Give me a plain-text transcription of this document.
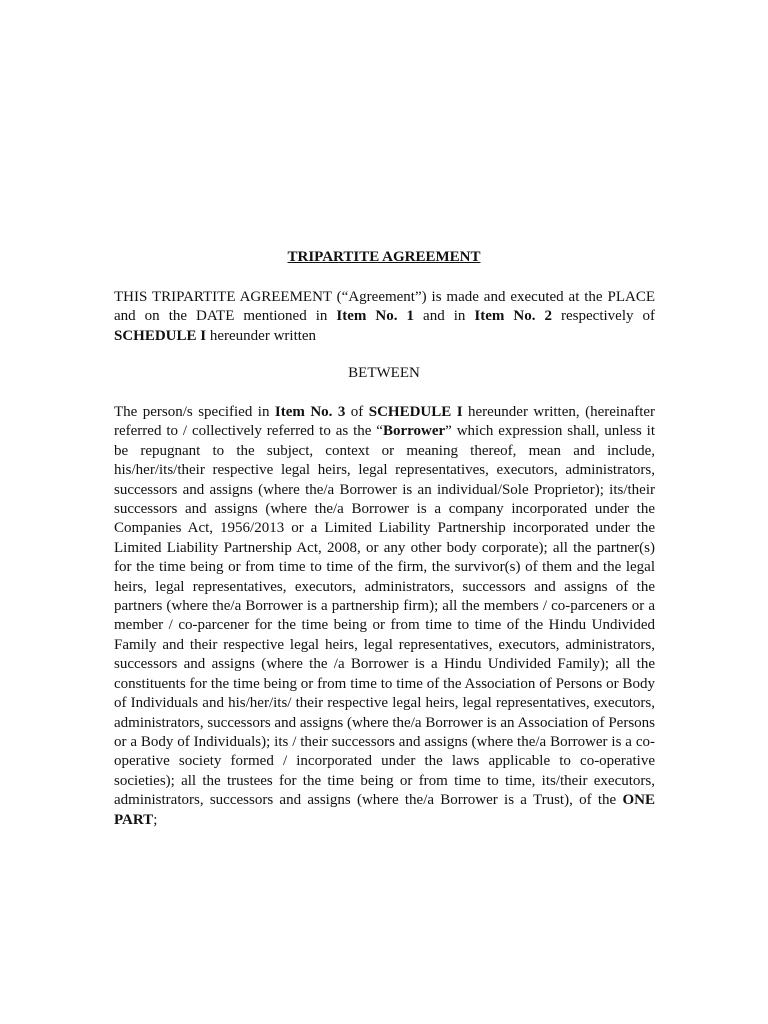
TRIPARTITE AGREEMENT
THIS TRIPARTITE AGREEMENT (“Agreement”) is made and executed at the PLACE and on the DATE mentioned in Item No. 1 and in Item No. 2 respectively of SCHEDULE I hereunder written
BETWEEN
The person/s specified in Item No. 3 of SCHEDULE I hereunder written, (hereinafter referred to / collectively referred to as the “Borrower” which expression shall, unless it be repugnant to the subject, context or meaning thereof, mean and include, his/her/its/their respective legal heirs, legal representatives, executors, administrators, successors and assigns (where the/a Borrower is an individual/Sole Proprietor); its/their successors and assigns (where the/a Borrower is a company incorporated under the Companies Act, 1956/2013 or a Limited Liability Partnership incorporated under the Limited Liability Partnership Act, 2008, or any other body corporate); all the partner(s) for the time being or from time to time of the firm, the survivor(s) of them and the legal heirs, legal representatives, executors, administrators, successors and assigns of the partners (where the/a Borrower is a partnership firm); all the members / co-parceners or a member / co-parcener for the time being or from time to time of the Hindu Undivided Family and their respective legal heirs, legal representatives, executors, administrators, successors and assigns (where the /a Borrower is a Hindu Undivided Family); all the constituents for the time being or from time to time of the Association of Persons or Body of Individuals and his/her/its/ their respective legal heirs, legal representatives, executors, administrators, successors and assigns (where the/a Borrower is an Association of Persons or a Body of Individuals); its / their successors and assigns (where the/a Borrower is a co-operative society formed / incorporated under the laws applicable to co-operative societies); all the trustees for the time being or from time to time, its/their executors, administrators, successors and assigns (where the/a Borrower is a Trust), of the ONE PART;
